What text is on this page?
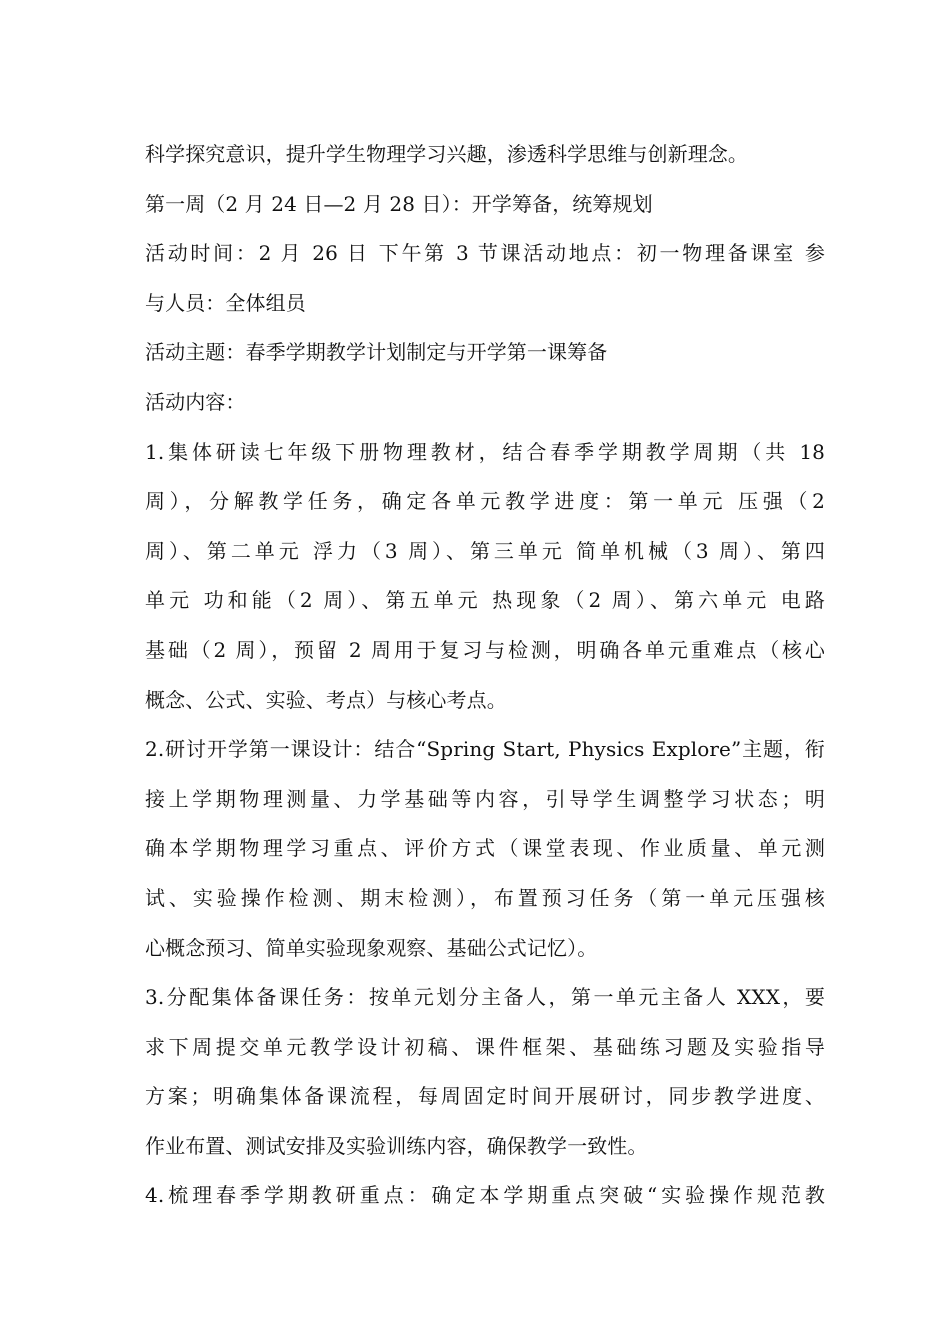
科学探究意识，提升学生物理学习兴趣，渗透科学思维与创新理念。
第一周（2 月 24 日—2 月 28 日）：开学筹备，统筹规划
活动时间：2 月 26 日 下午第 3 节课活动地点：初一物理备课室 参
与人员：全体组员
活动主题：春季学期教学计划制定与开学第一课筹备
活动内容：
1.集体研读七年级下册物理教材，结合春季学期教学周期（共 18
周），分解教学任务，确定各单元教学进度：第一单元 压强（2
周）、第二单元 浮力（3 周）、第三单元 简单机械（3 周）、第四
单元 功和能（2 周）、第五单元 热现象（2 周）、第六单元 电路
基础（2 周），预留 2 周用于复习与检测，明确各单元重难点（核心
概念、公式、实验、考点）与核心考点。
2.研讨开学第一课设计：结合“Spring Start, Physics Explore”主题，衔
接上学期物理测量、力学基础等内容，引导学生调整学习状态；明
确本学期物理学习重点、评价方式（课堂表现、作业质量、单元测
试、实验操作检测、期末检测），布置预习任务（第一单元压强核
心概念预习、简单实验现象观察、基础公式记忆）。
3.分配集体备课任务：按单元划分主备人，第一单元主备人 XXX，要
求下周提交单元教学设计初稿、课件框架、基础练习题及实验指导
方案；明确集体备课流程，每周固定时间开展研讨，同步教学进度、
作业布置、测试安排及实验训练内容，确保教学一致性。
4.梳理春季学期教研重点：确定本学期重点突破“实验操作规范教
